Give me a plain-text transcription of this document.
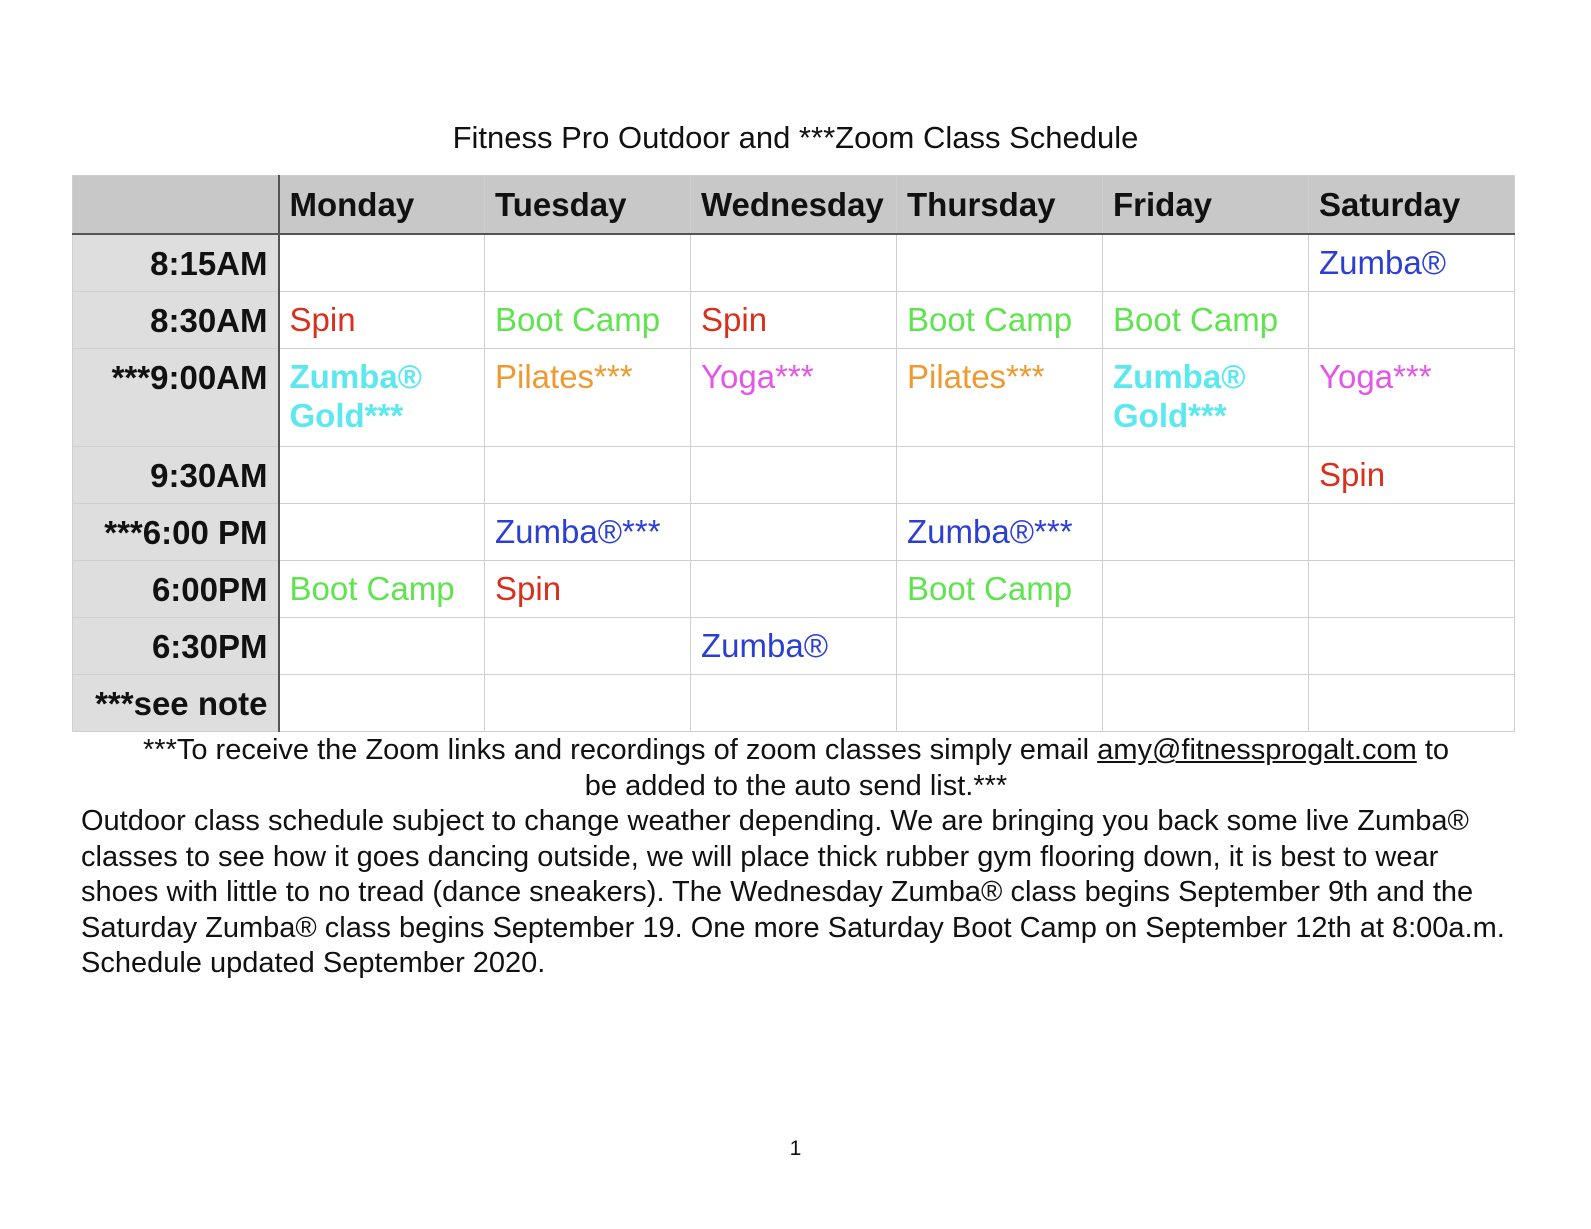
Fitness Pro Outdoor and ***Zoom Class Schedule
	Monday	Tuesday	Wednesday	Thursday	Friday	Saturday
8:15AM						Zumba®

8:30AM	Spin	Boot Camp	Spin	Boot Camp	Boot Camp	

***9:00AM	Zumba® Gold***	Pilates***	Yoga***	Pilates***	Zumba® Gold***	Yoga***

9:30AM						Spin

***6:00 PM		Zumba®***		Zumba®***		

6:00PM	Boot Camp	Spin		Boot Camp		

6:30PM			Zumba®			

***see note						
***To receive the Zoom links and recordings of zoom classes simply email amy@fitnessprogalt.com to
be added to the auto send list.***
Outdoor class schedule subject to change weather depending. We are bringing you back some live Zumba® classes to see how it goes dancing outside, we will place thick rubber gym flooring down, it is best to wear shoes with little to no tread (dance sneakers). The Wednesday Zumba® class begins September 9th and the Saturday Zumba® class begins September 19. One more Saturday Boot Camp on September 12th at 8:00a.m. Schedule updated September 2020.
1
